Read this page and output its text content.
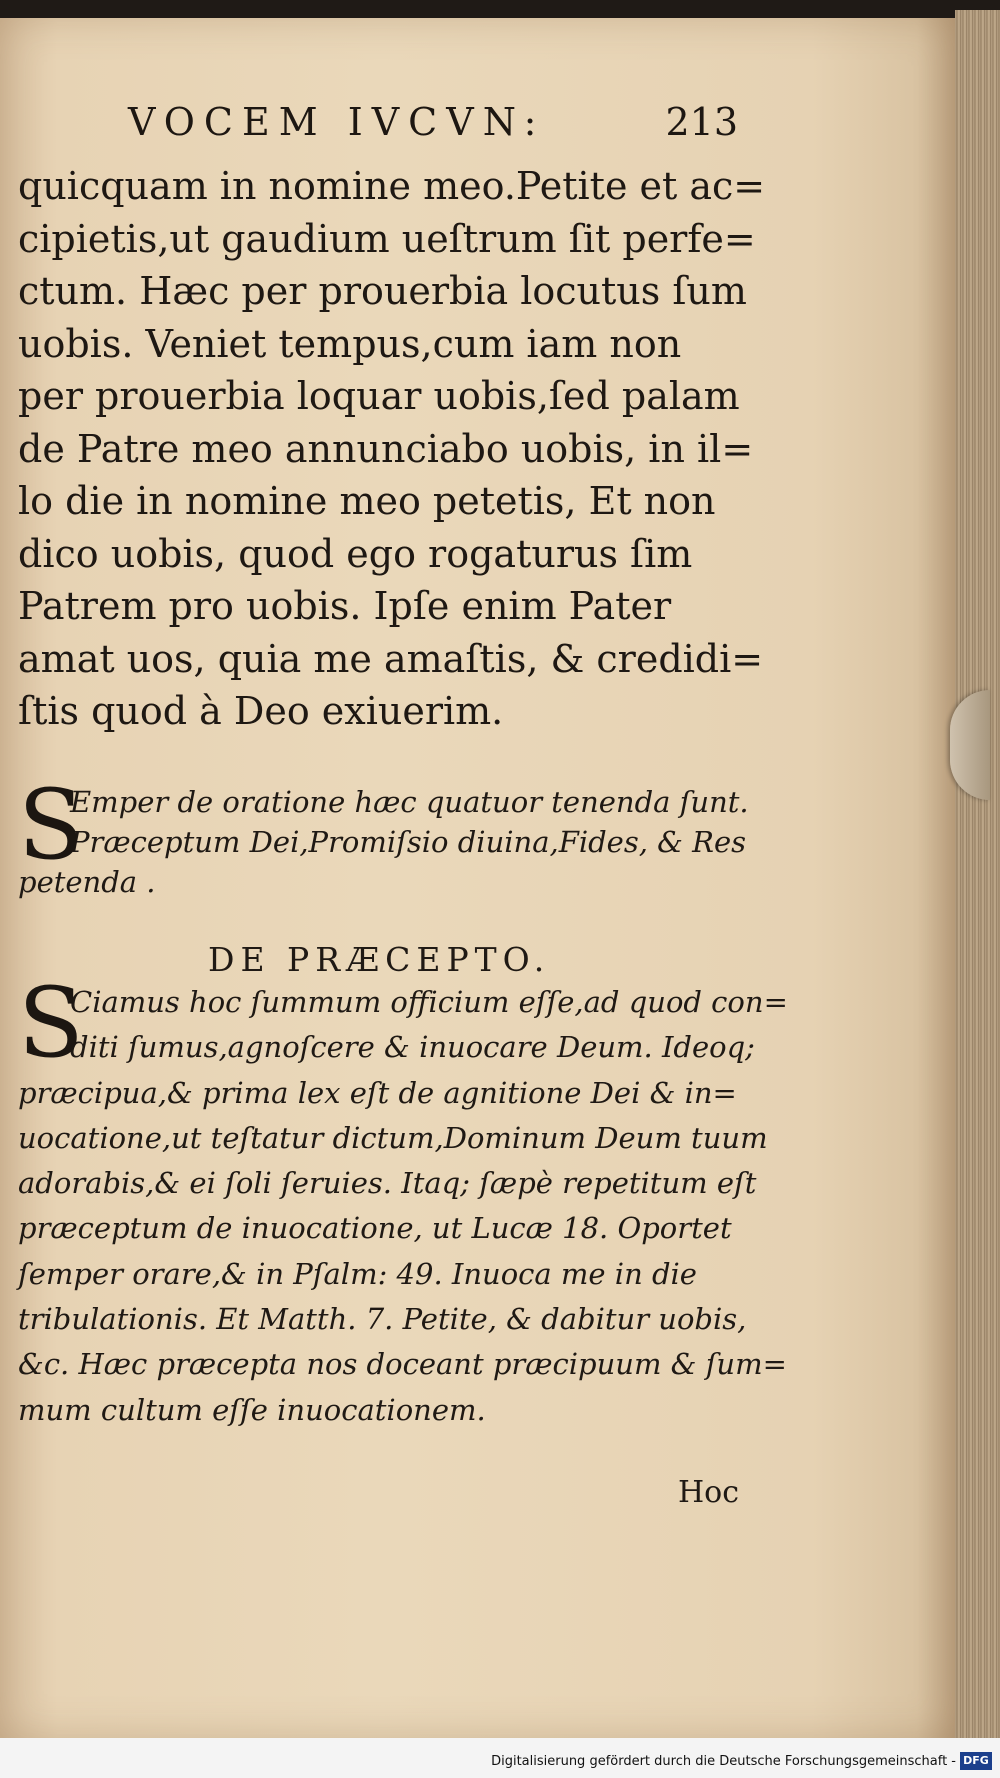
VOCEM IVCVN:	213
quicquam in nomine meo.Petite et ac=
cipietis,ut gaudium ueſtrum ſit perfe=
ctum. Hæc per prouerbia locutus ſum
uobis. Veniet tempus,cum iam non
per prouerbia loquar uobis,ſed palam
de Patre meo annunciabo uobis, in il=
lo die in nomine meo petetis, Et non
dico uobis, quod ego rogaturus ſim
Patrem pro uobis. Ipſe enim Pater
amat uos, quia me amaſtis, & credidi=
ſtis quod à Deo exiuerim.
S
Emper de oratione hæc quatuor tenenda ſunt.
Præceptum Dei,Promiſsio diuina,Fides, & Res
petenda .
DE PRÆCEPTO.
S
Ciamus hoc ſummum officium eſſe,ad quod con=
diti ſumus,agnoſcere & inuocare Deum. Ideoq;
præcipua,& prima lex eſt de agnitione Dei & in=
uocatione,ut teſtatur dictum,Dominum Deum tuum
adorabis,& ei ſoli ſeruies. Itaq; ſæpè repetitum eſt
præceptum de inuocatione, ut Lucæ 18. Oportet
ſemper orare,& in Pſalm: 49. Inuoca me in die
tribulationis. Et Matth. 7. Petite, & dabitur uobis,
&c. Hæc præcepta nos doceant præcipuum & ſum=
mum cultum eſſe inuocationem.
Hoc
Digitalisierung gefördert durch die Deutsche Forschungsgemeinschaft - DFG
